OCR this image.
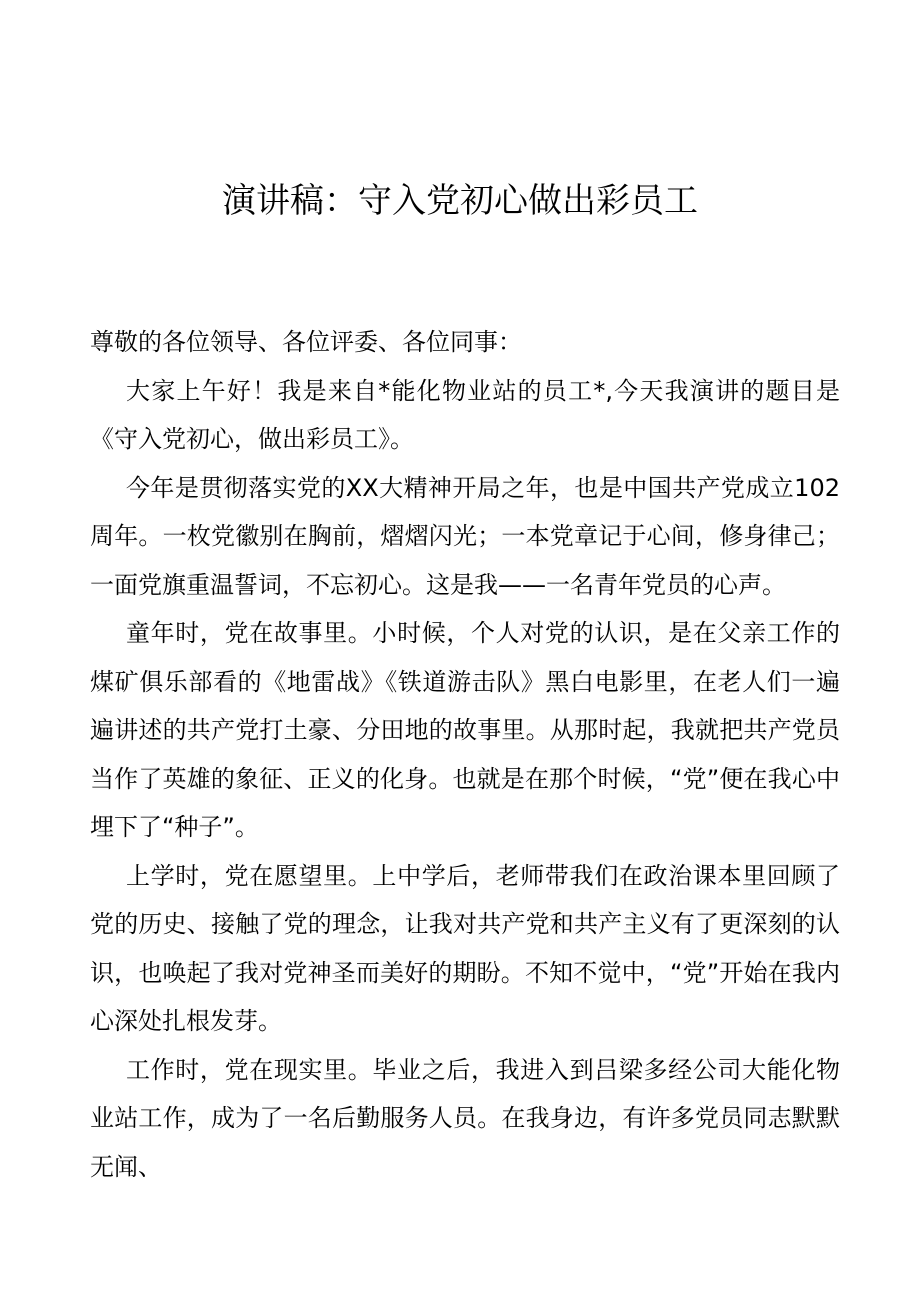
演讲稿：守入党初心做出彩员工

尊敬的各位领导、各位评委、各位同事：

大家上午好！我是来自*能化物业站的员工*,今天我演讲的题目是《守入党初心，做出彩员工》。

今年是贯彻落实党的XX大精神开局之年，也是中国共产党成立102周年。一枚党徽别在胸前，熠熠闪光；一本党章记于心间，修身律己；一面党旗重温誓词，不忘初心。这是我——一名青年党员的心声。

童年时，党在故事里。小时候，个人对党的认识，是在父亲工作的煤矿俱乐部看的《地雷战》《铁道游击队》黑白电影里，在老人们一遍遍讲述的共产党打土豪、分田地的故事里。从那时起，我就把共产党员当作了英雄的象征、正义的化身。也就是在那个时候，“党”便在我心中埋下了“种子”。

上学时，党在愿望里。上中学后，老师带我们在政治课本里回顾了党的历史、接触了党的理念，让我对共产党和共产主义有了更深刻的认识，也唤起了我对党神圣而美好的期盼。不知不觉中，“党”开始在我内心深处扎根发芽。

工作时，党在现实里。毕业之后，我进入到吕梁多经公司大能化物业站工作，成为了一名后勤服务人员。在我身边，有许多党员同志默默无闻、
